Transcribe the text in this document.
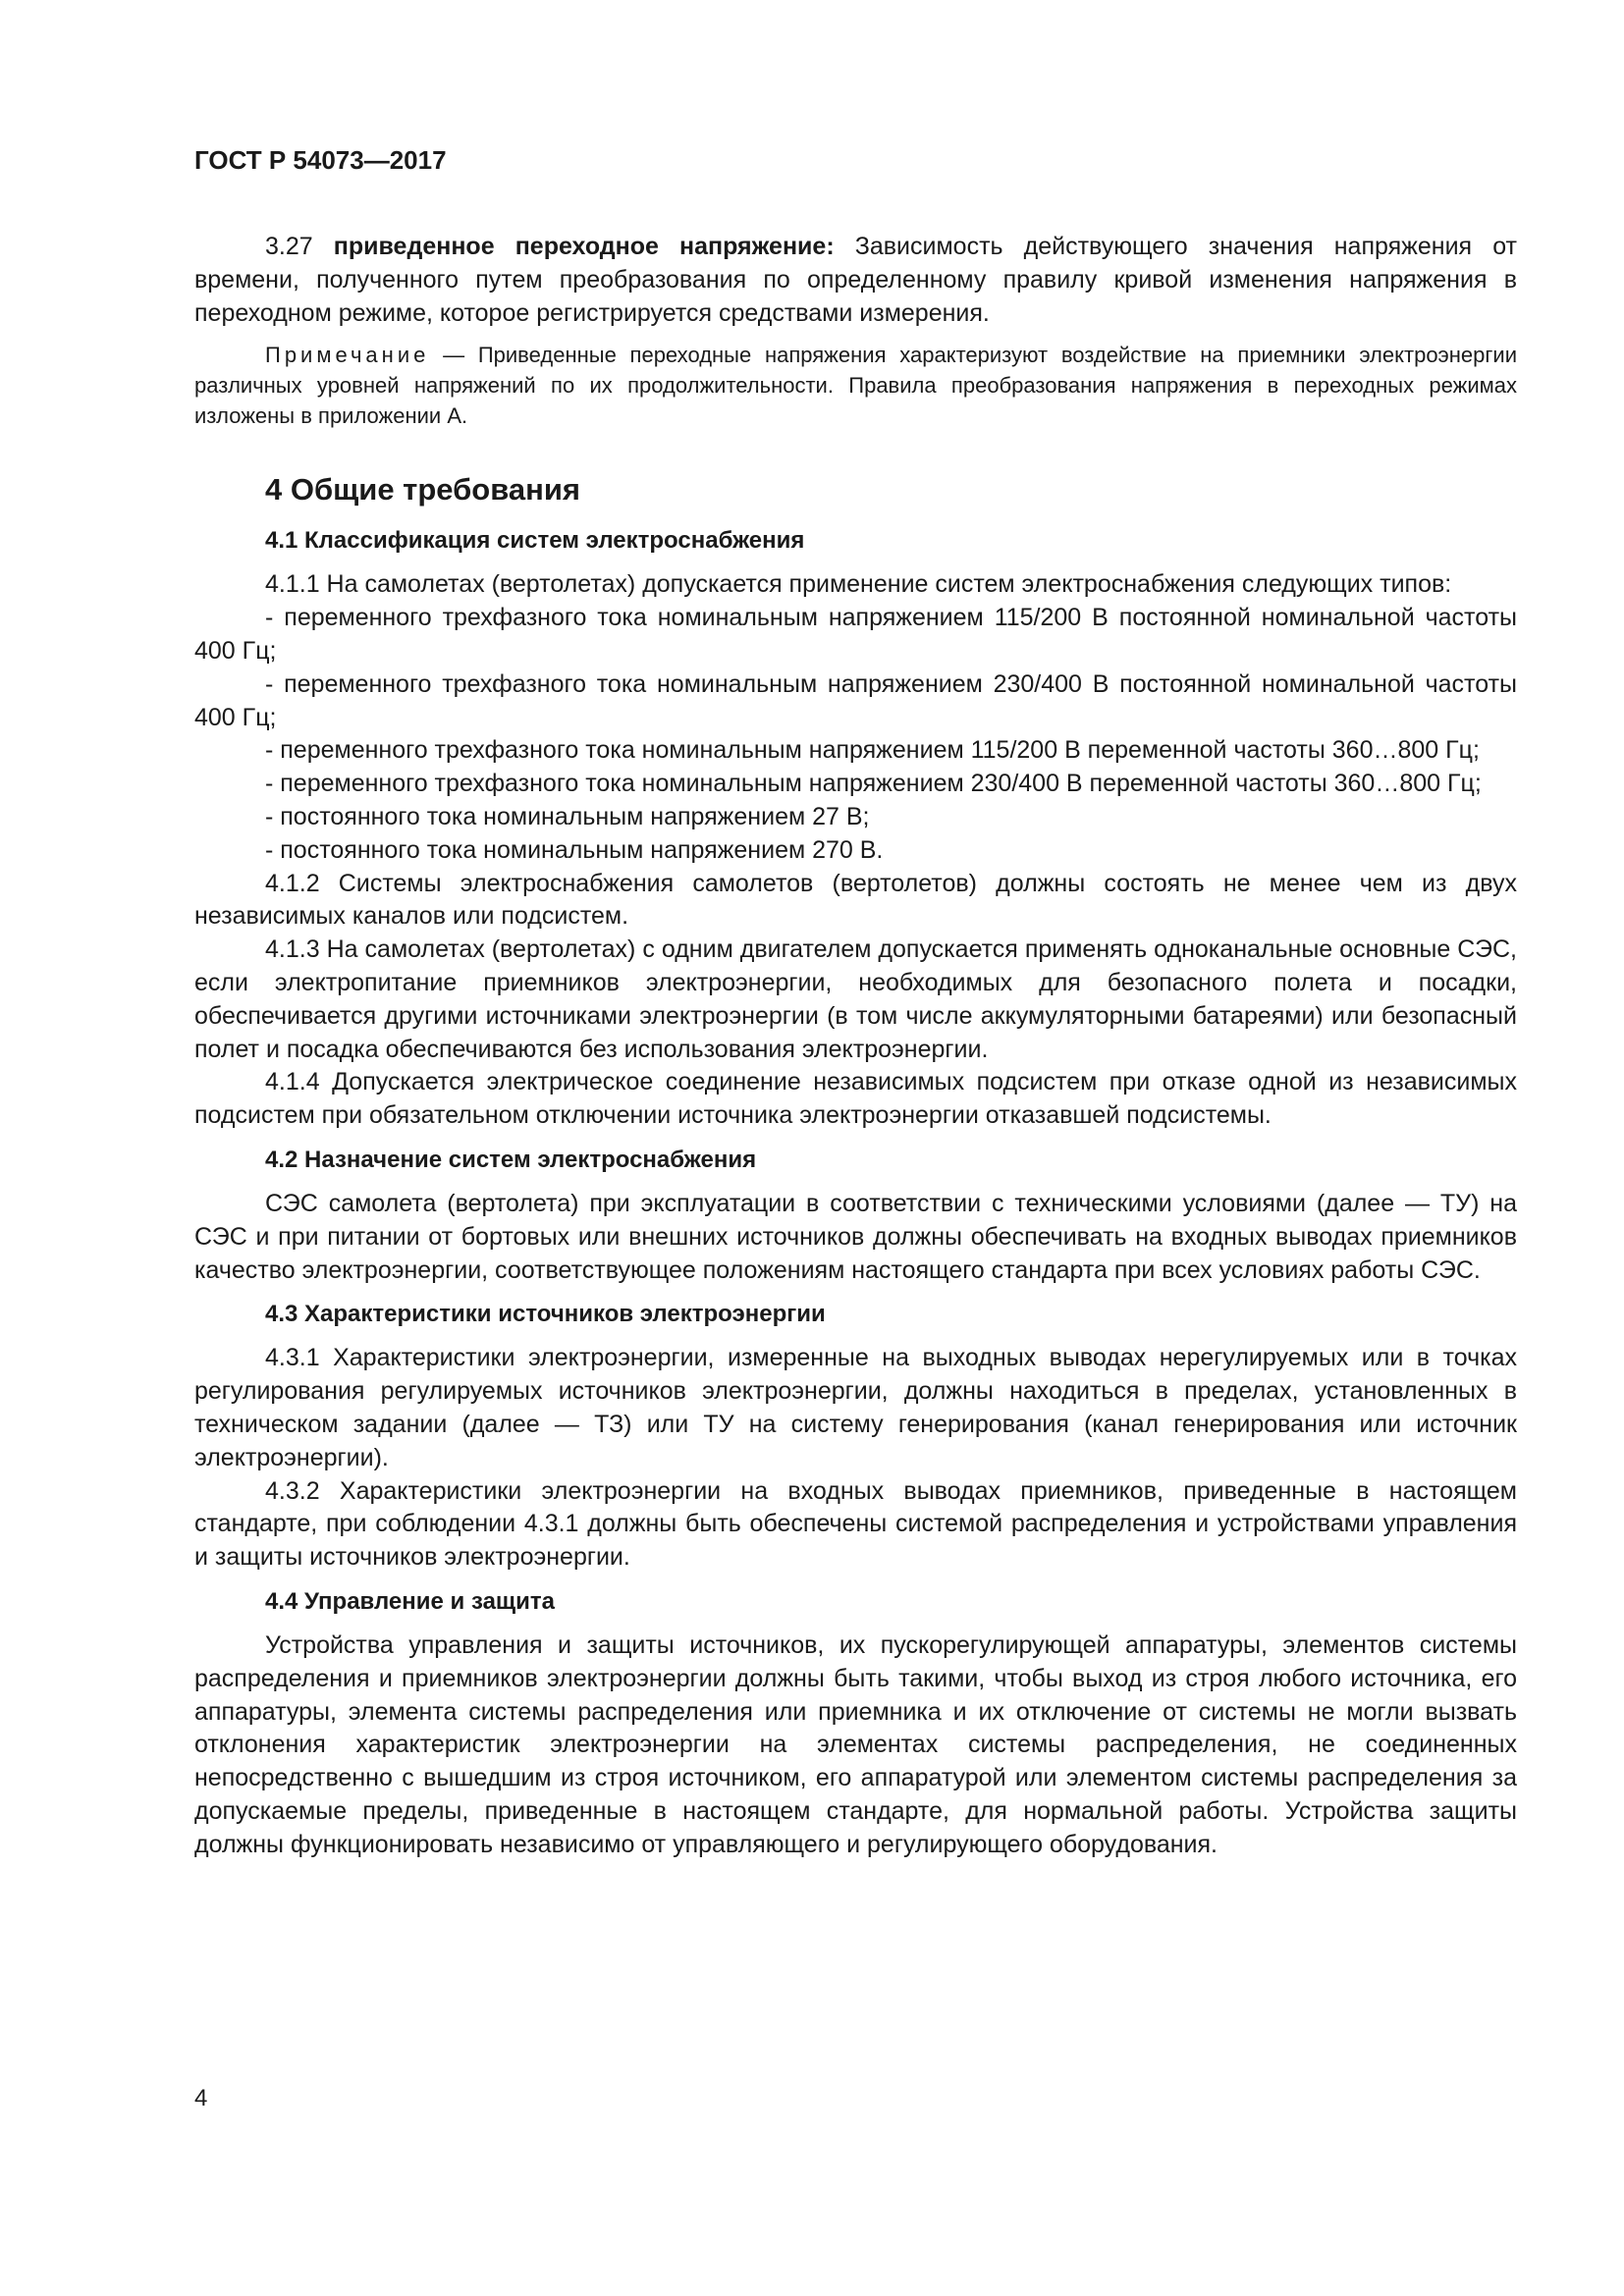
ГОСТ Р 54073—2017

3.27 приведенное переходное напряжение: Зависимость действующего значения напряжения от времени, полученного путем преобразования по определенному правилу кривой изменения напряжения в переходном режиме, которое регистрируется средствами измерения.

Примечание — Приведенные переходные напряжения характеризуют воздействие на приемники электроэнергии различных уровней напряжений по их продолжительности. Правила преобразования напряжения в переходных режимах изложены в приложении А.

4 Общие требования
4.1 Классификация систем электроснабжения

4.1.1 На самолетах (вертолетах) допускается применение систем электроснабжения следующих типов:

- переменного трехфазного тока номинальным напряжением 115/200 В постоянной номинальной частоты 400 Гц;

- переменного трехфазного тока номинальным напряжением 230/400 В постоянной номинальной частоты 400 Гц;

- переменного трехфазного тока номинальным напряжением 115/200 В переменной частоты 360…800 Гц;

- переменного трехфазного тока номинальным напряжением 230/400 В переменной частоты 360…800 Гц;

- постоянного тока номинальным напряжением 27 В;

- постоянного тока номинальным напряжением 270 В.

4.1.2 Системы электроснабжения самолетов (вертолетов) должны состоять не менее чем из двух независимых каналов или подсистем.

4.1.3 На самолетах (вертолетах) с одним двигателем допускается применять одноканальные основные СЭС, если электропитание приемников электроэнергии, необходимых для безопасного полета и посадки, обеспечивается другими источниками электроэнергии (в том числе аккумуляторными батареями) или безопасный полет и посадка обеспечиваются без использования электроэнергии.

4.1.4 Допускается электрическое соединение независимых подсистем при отказе одной из независимых подсистем при обязательном отключении источника электроэнергии отказавшей подсистемы.

4.2 Назначение систем электроснабжения

СЭС самолета (вертолета) при эксплуатации в соответствии с техническими условиями (далее — ТУ) на СЭС и при питании от бортовых или внешних источников должны обеспечивать на входных выводах приемников качество электроэнергии, соответствующее положениям настоящего стандарта при всех условиях работы СЭС.

4.3 Характеристики источников электроэнергии

4.3.1 Характеристики электроэнергии, измеренные на выходных выводах нерегулируемых или в точках регулирования регулируемых источников электроэнергии, должны находиться в пределах, установленных в техническом задании (далее — ТЗ) или ТУ на систему генерирования (канал генерирования или источник электроэнергии).

4.3.2 Характеристики электроэнергии на входных выводах приемников, приведенные в настоящем стандарте, при соблюдении 4.3.1 должны быть обеспечены системой распределения и устройствами управления и защиты источников электроэнергии.

4.4 Управление и защита

Устройства управления и защиты источников, их пускорегулирующей аппаратуры, элементов системы распределения и приемников электроэнергии должны быть такими, чтобы выход из строя любого источника, его аппаратуры, элемента системы распределения или приемника и их отключение от системы не могли вызвать отклонения характеристик электроэнергии на элементах системы распределения, не соединенных непосредственно с вышедшим из строя источником, его аппаратурой или элементом системы распределения за допускаемые пределы, приведенные в настоящем стандарте, для нормальной работы. Устройства защиты должны функционировать независимо от управляющего и регулирующего оборудования.

4
